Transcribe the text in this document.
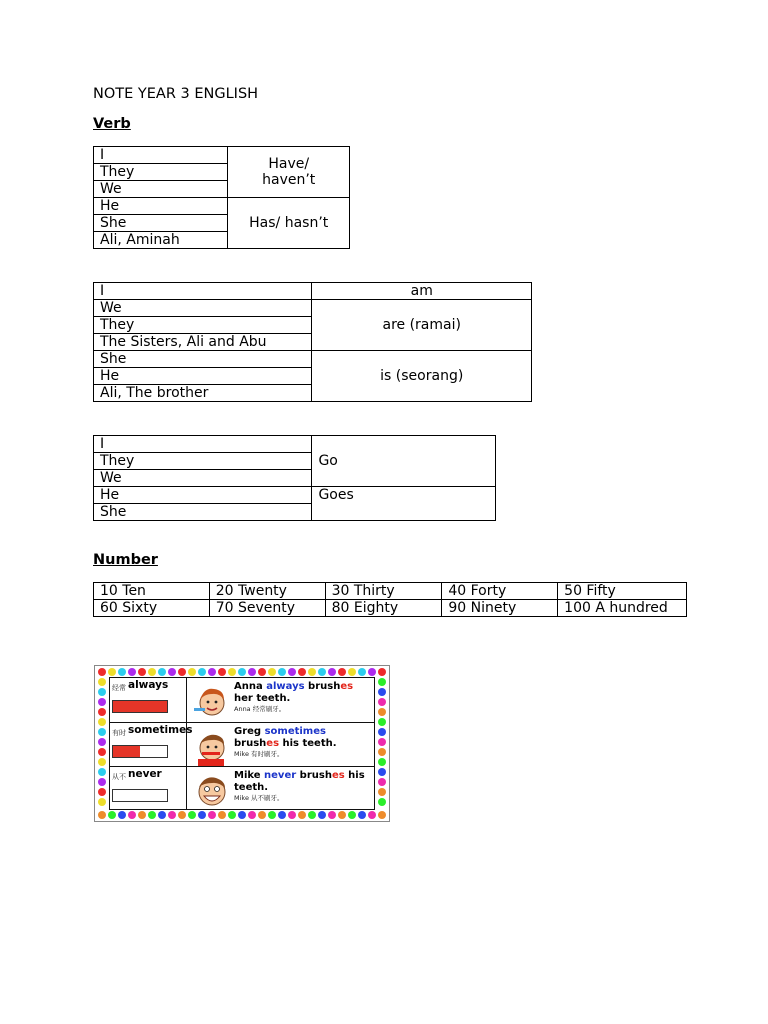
NOTE YEAR 3 ENGLISH
Verb
I	Have/
haven’t
They	
We	
He	Has/ hasn’t
She	
Ali, Aminah	
I	am
We	are (ramai)
They	
The Sisters, Ali and Abu	
She	is (seorang)
He	
Ali, The brother	
I	Go
They	
We	
He	Goes
She	
Number
10 Ten	20 Twenty	30 Thirty	40 Forty	50 Fifty
60 Sixty	70 Seventy	80 Eighty	90 Ninety	100 A hundred
经常 always	Anna always brushes her teeth.
Anna 经常刷牙。
有时 sometimes	Greg sometimes brushes his teeth.
Mike 有时刷牙。
从不 never	Mike never brushes his teeth.
Mike 从不刷牙。
